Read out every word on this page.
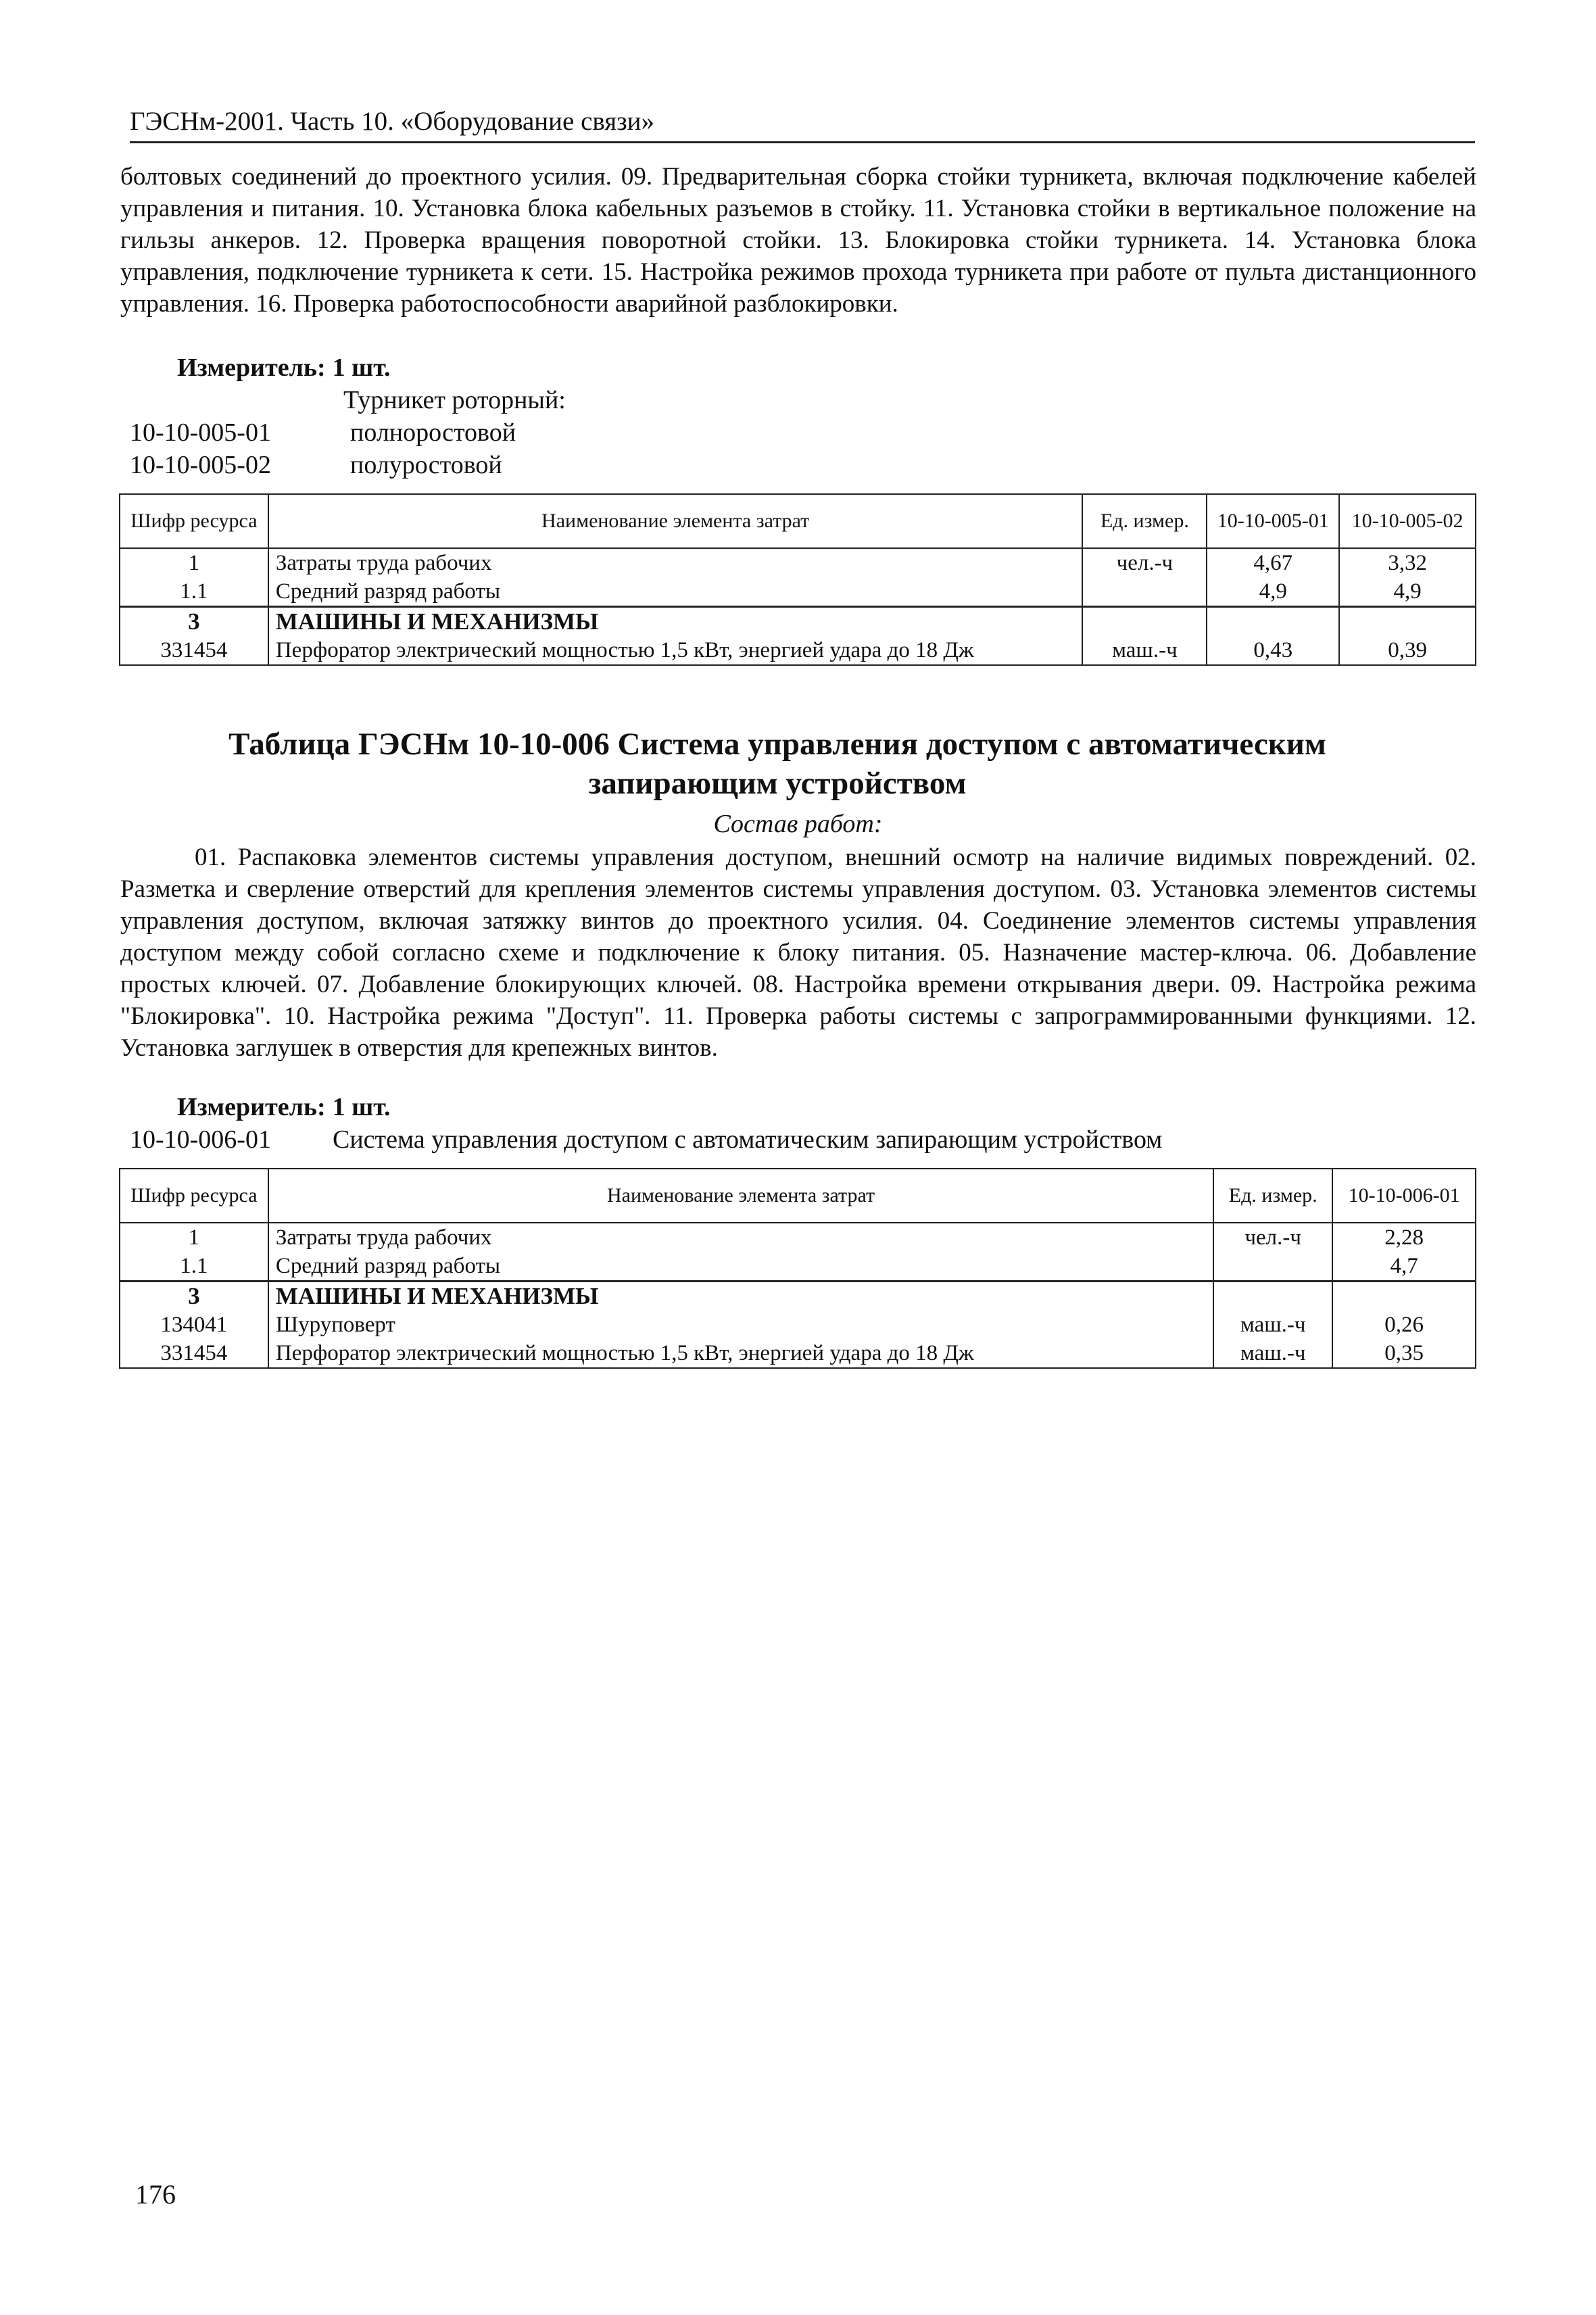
ГЭСНм-2001. Часть 10. «Оборудование связи»

болтовых соединений до проектного усилия. 09. Предварительная сборка стойки турникета, включая подключение кабелей управления и питания. 10. Установка блока кабельных разъемов в стойку. 11. Установка стойки в вертикальное положение на гильзы анкеров. 12. Проверка вращения поворотной стойки. 13. Блокировка стойки турникета. 14. Установка блока управления, подключение турникета к сети. 15. Настройка режимов прохода турникета при работе от пульта дистанционного управления. 16. Проверка работоспособности аварийной разблокировки.

Измеритель: 1 шт.
Турникет роторный:
10-10-005-01	полноростовой
10-10-005-02	полуростовой
Шифр ресурса	Наименование элемента затрат	Ед. измер.	10-10-005-01	10-10-005-02
1	Затраты труда рабочих	чел.-ч	4,67	3,32
1.1	Средний разряд работы		4,9	4,9
3	МАШИНЫ И МЕХАНИЗМЫ			
331454	Перфоратор электрический мощностью 1,5 кВт, энергией удара до 18 Дж	маш.-ч	0,43	0,39
Таблица ГЭСНм 10-10-006 Система управления доступом с автоматическим
запирающим устройством
Состав работ:

01. Распаковка элементов системы управления доступом, внешний осмотр на наличие видимых повреждений. 02. Разметка и сверление отверстий для крепления элементов системы управления доступом. 03. Установка элементов системы управления доступом, включая затяжку винтов до проектного усилия. 04. Соединение элементов системы управления доступом между собой согласно схеме и подключение к блоку питания. 05. Назначение мастер-ключа. 06. Добавление простых ключей. 07. Добавление блокирующих ключей. 08. Настройка времени открывания двери. 09. Настройка режима "Блокировка". 10. Настройка режима "Доступ". 11. Проверка работы системы с запрограммированными функциями. 12. Установка заглушек в отверстия для крепежных винтов.

Измеритель: 1 шт.
10-10-006-01 Система управления доступом с автоматическим запирающим устройством
Шифр ресурса	Наименование элемента затрат	Ед. измер.	10-10-006-01
1	Затраты труда рабочих	чел.-ч	2,28
1.1	Средний разряд работы		4,7
3	МАШИНЫ И МЕХАНИЗМЫ		
134041	Шуруповерт	маш.-ч	0,26
331454	Перфоратор электрический мощностью 1,5 кВт, энергией удара до 18 Дж	маш.-ч	0,35
176
